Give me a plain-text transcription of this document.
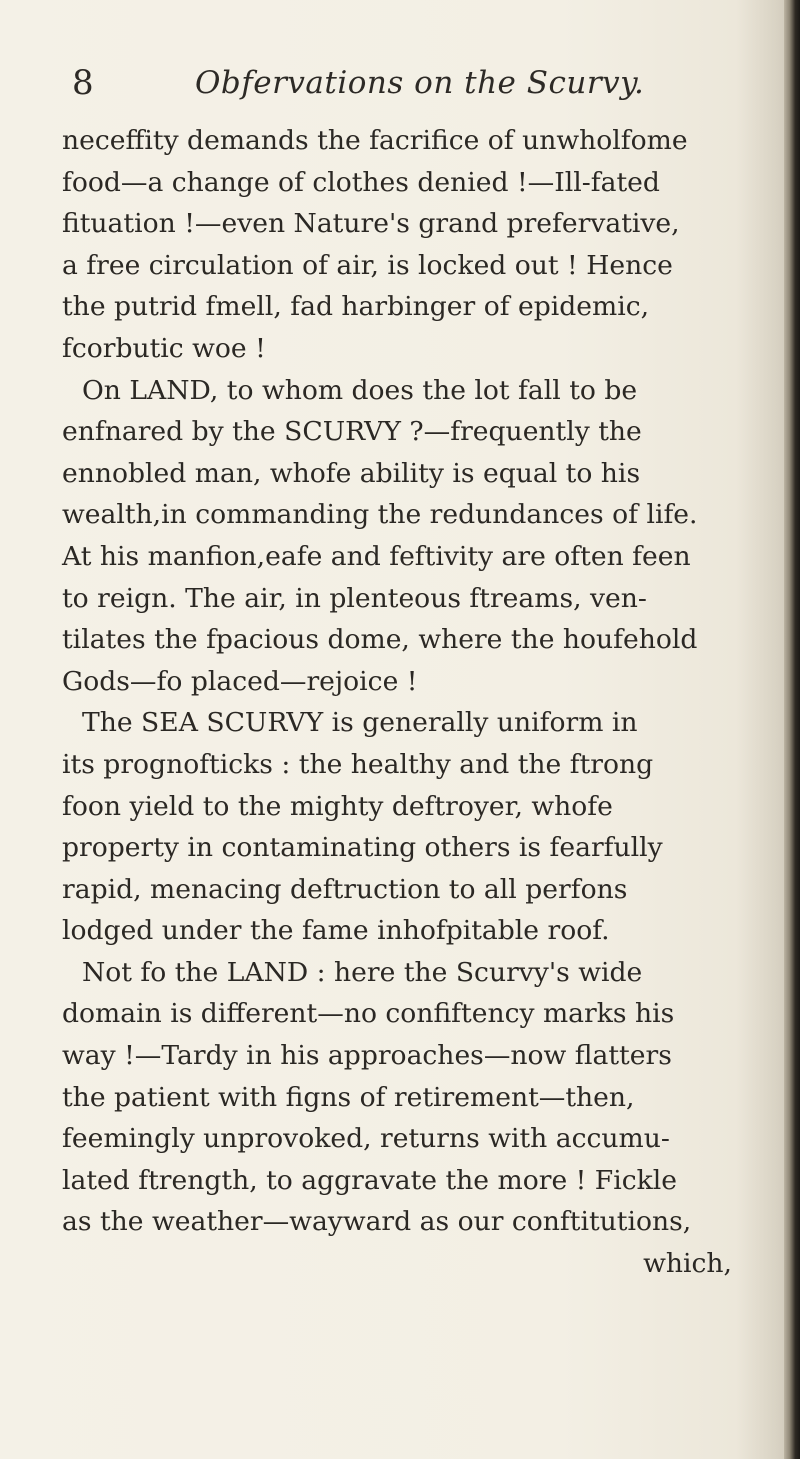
8	Obfervations on the Scurvy.
neceffity demands the facrifice of unwholfome
food—a change of clothes denied !—Ill-fated
fituation !—even Nature's grand prefervative,
a free circulation of air, is locked out ! Hence
the putrid fmell, fad harbinger of epidemic,
fcorbutic woe !
On LAND, to whom does the lot fall to be
enfnared by the SCURVY ?—frequently the
ennobled man, whofe ability is equal to his
wealth,in commanding the redundances of life.
At his manfion,eafe and feftivity are often feen
to reign. The air, in plenteous ftreams, ven-
tilates the fpacious dome, where the houfehold
Gods—fo placed—rejoice !
The SEA SCURVY is generally uniform in
its prognofticks : the healthy and the ftrong
foon yield to the mighty deftroyer, whofe
property in contaminating others is fearfully
rapid, menacing deftruction to all perfons
lodged under the fame inhofpitable roof.
Not fo the LAND : here the Scurvy's wide
domain is different—no confiftency marks his
way !—Tardy in his approaches—now flatters
the patient with figns of retirement—then,
feemingly unprovoked, returns with accumu-
lated ftrength, to aggravate the more ! Fickle
as the weather—wayward as our conftitutions,
which,
